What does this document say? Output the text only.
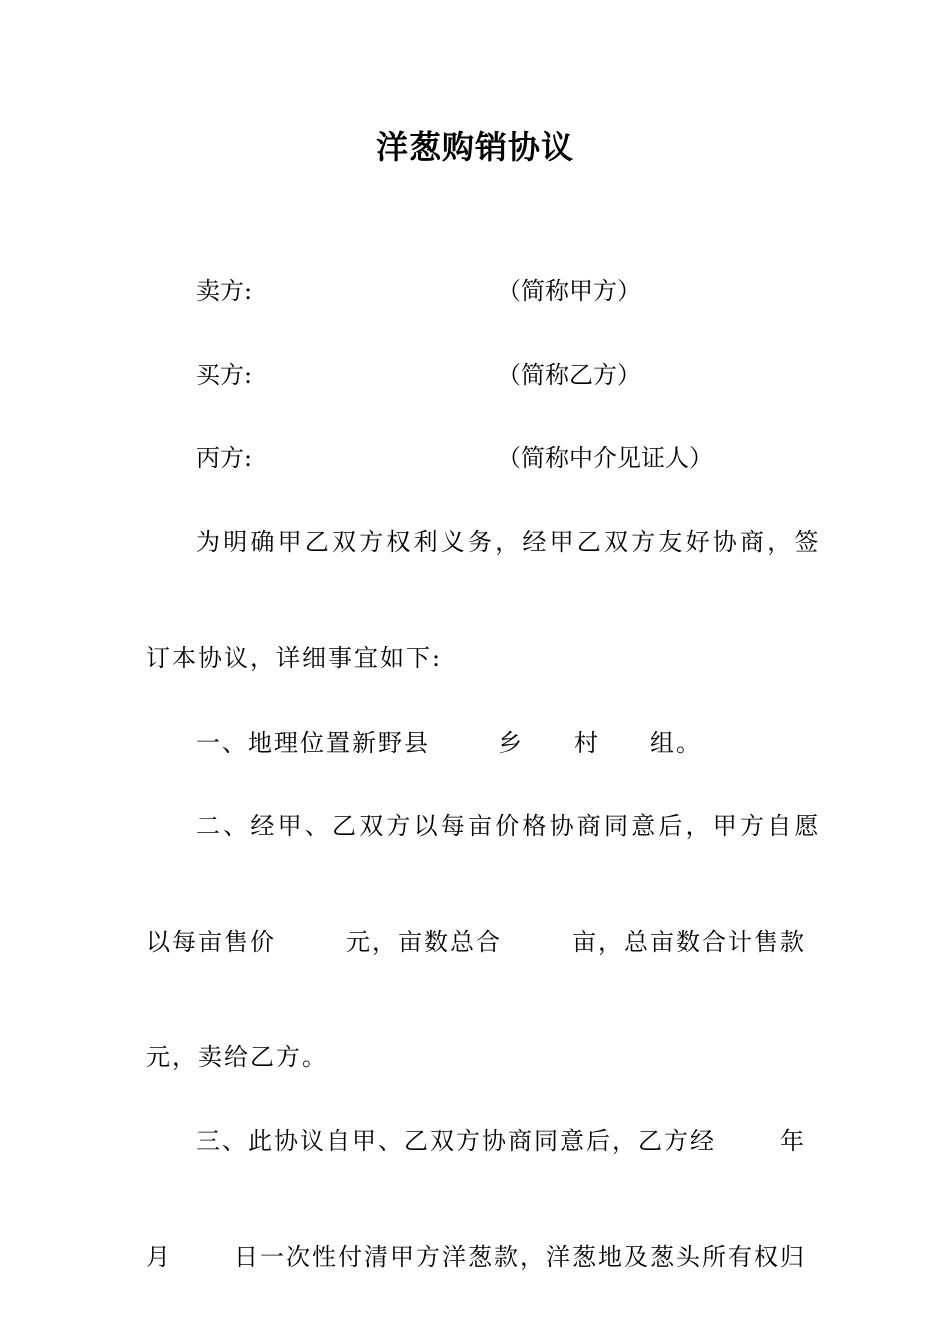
洋葱购销协议
卖方:	（简称甲方）
买方:	（简称乙方）
丙方:	（简称中介见证人）
为明确甲乙双方权利义务，经甲乙双方友好协商，签
订本协议，详细事宜如下:
一、地理位置新野县	乡 村 组。
二、经甲、乙双方以每亩价格协商同意后，甲方自愿
以每亩售价	元，亩数总合	亩，总亩数合计售款
元，卖给乙方。
三、此协议自甲、乙双方协商同意后，乙方经	年
月	日一次性付清甲方洋葱款，洋葱地及葱头所有权归
